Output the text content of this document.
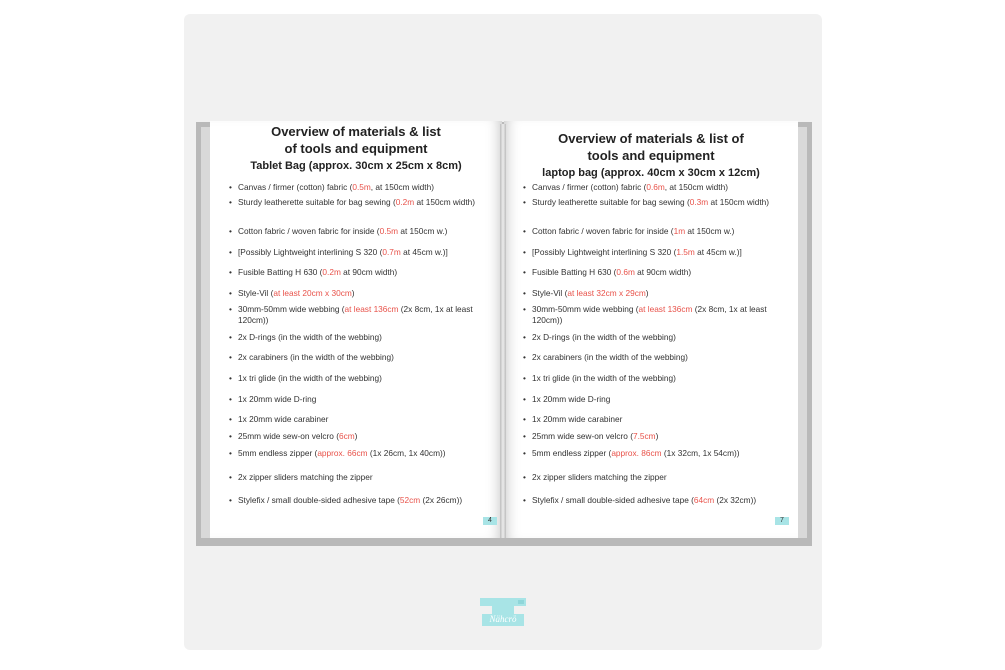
Overview of materials & list of tools and equipment

Tablet Bag (approx. 30cm x 25cm x 8cm)

• Canvas / firmer (cotton) fabric (0.5m, at 150cm width)
• Sturdy leatherette suitable for bag sewing (0.2m at 150cm width)
• Cotton fabric / woven fabric for inside (0.5m at 150cm w.)
• [Possibly Lightweight interlining S 320 (0.7m at 45cm w.)]
• Fusible Batting H 630 (0.2m at 90cm width)
• Style-Vil (at least 20cm x 30cm)
• 30mm-50mm wide webbing (at least 136cm (2x 8cm, 1x at least 120cm))
• 2x D-rings (in the width of the webbing)
• 2x carabiners (in the width of the webbing)
• 1x tri glide (in the width of the webbing)
• 1x 20mm wide D-ring
• 1x 20mm wide carabiner
• 25mm wide sew-on velcro (6cm)
• 5mm endless zipper (approx. 66cm (1x 26cm, 1x 40cm))
• 2x zipper sliders matching the zipper
• Stylefix / small double-sided adhesive tape (52cm (2x 26cm))
4

Overview of materials & list of tools and equipment

laptop bag (approx. 40cm x 30cm x 12cm)

• Canvas / firmer (cotton) fabric (0.6m, at 150cm width)
• Sturdy leatherette suitable for bag sewing (0.3m at 150cm width)
• Cotton fabric / woven fabric for inside (1m at 150cm w.)
• [Possibly Lightweight interlining S 320 (1.5m at 45cm w.)]
• Fusible Batting H 630 (0.6m at 90cm width)
• Style-Vil (at least 32cm x 29cm)
• 30mm-50mm wide webbing (at least 136cm (2x 8cm, 1x at least 120cm))
• 2x D-rings (in the width of the webbing)
• 2x carabiners (in the width of the webbing)
• 1x tri glide (in the width of the webbing)
• 1x 20mm wide D-ring
• 1x 20mm wide carabiner
• 25mm wide sew-on velcro (7.5cm)
• 5mm endless zipper (approx. 86cm (1x 32cm, 1x 54cm))
• 2x zipper sliders matching the zipper
• Stylefix / small double-sided adhesive tape (64cm (2x 32cm))
7
Nähcrö
